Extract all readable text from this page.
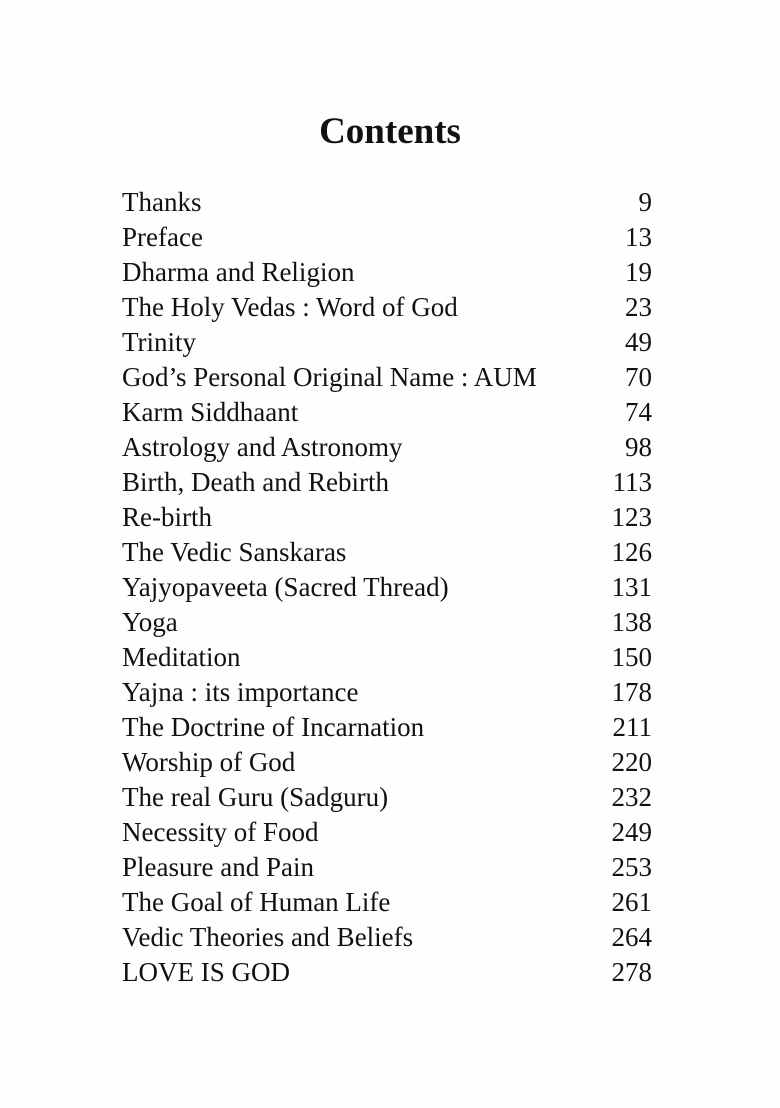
Contents
Thanks	9
Preface	13
Dharma and Religion	19
The Holy Vedas : Word of God	23
Trinity	49
God’s Personal Original Name : AUM	70
Karm Siddhaant	74
Astrology and Astronomy	98
Birth, Death and Rebirth	113
Re-birth	123
The Vedic Sanskaras	126
Yajyopaveeta (Sacred Thread)	131
Yoga	138
Meditation	150
Yajna : its importance	178
The Doctrine of Incarnation	211
Worship of God	220
The real Guru (Sadguru)	232
Necessity of Food	249
Pleasure and Pain	253
The Goal of Human Life	261
Vedic Theories and Beliefs	264
LOVE IS GOD	278
